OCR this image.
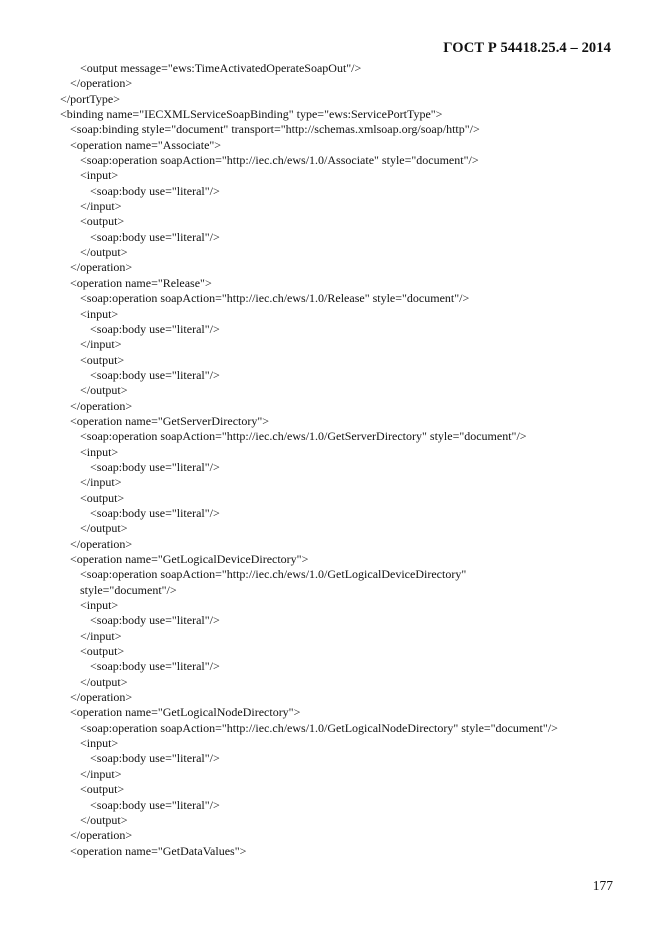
ГОСТ Р 54418.25.4 – 2014
<output message="ews:TimeActivatedOperateSoapOut"/>
</operation>
</portType>
<binding name="IECXMLServiceSoapBinding" type="ews:ServicePortType">
<soap:binding style="document" transport="http://schemas.xmlsoap.org/soap/http"/>
<operation name="Associate">
<soap:operation soapAction="http://iec.ch/ews/1.0/Associate" style="document"/>
<input>
<soap:body use="literal"/>
</input>
<output>
<soap:body use="literal"/>
</output>
</operation>
<operation name="Release">
<soap:operation soapAction="http://iec.ch/ews/1.0/Release" style="document"/>
<input>
<soap:body use="literal"/>
</input>
<output>
<soap:body use="literal"/>
</output>
</operation>
<operation name="GetServerDirectory">
<soap:operation soapAction="http://iec.ch/ews/1.0/GetServerDirectory" style="document"/>
<input>
<soap:body use="literal"/>
</input>
<output>
<soap:body use="literal"/>
</output>
</operation>
<operation name="GetLogicalDeviceDirectory">
<soap:operation soapAction="http://iec.ch/ews/1.0/GetLogicalDeviceDirectory"
style="document"/>
<input>
<soap:body use="literal"/>
</input>
<output>
<soap:body use="literal"/>
</output>
</operation>
<operation name="GetLogicalNodeDirectory">
<soap:operation soapAction="http://iec.ch/ews/1.0/GetLogicalNodeDirectory" style="document"/>
<input>
<soap:body use="literal"/>
</input>
<output>
<soap:body use="literal"/>
</output>
</operation>
<operation name="GetDataValues">
177
